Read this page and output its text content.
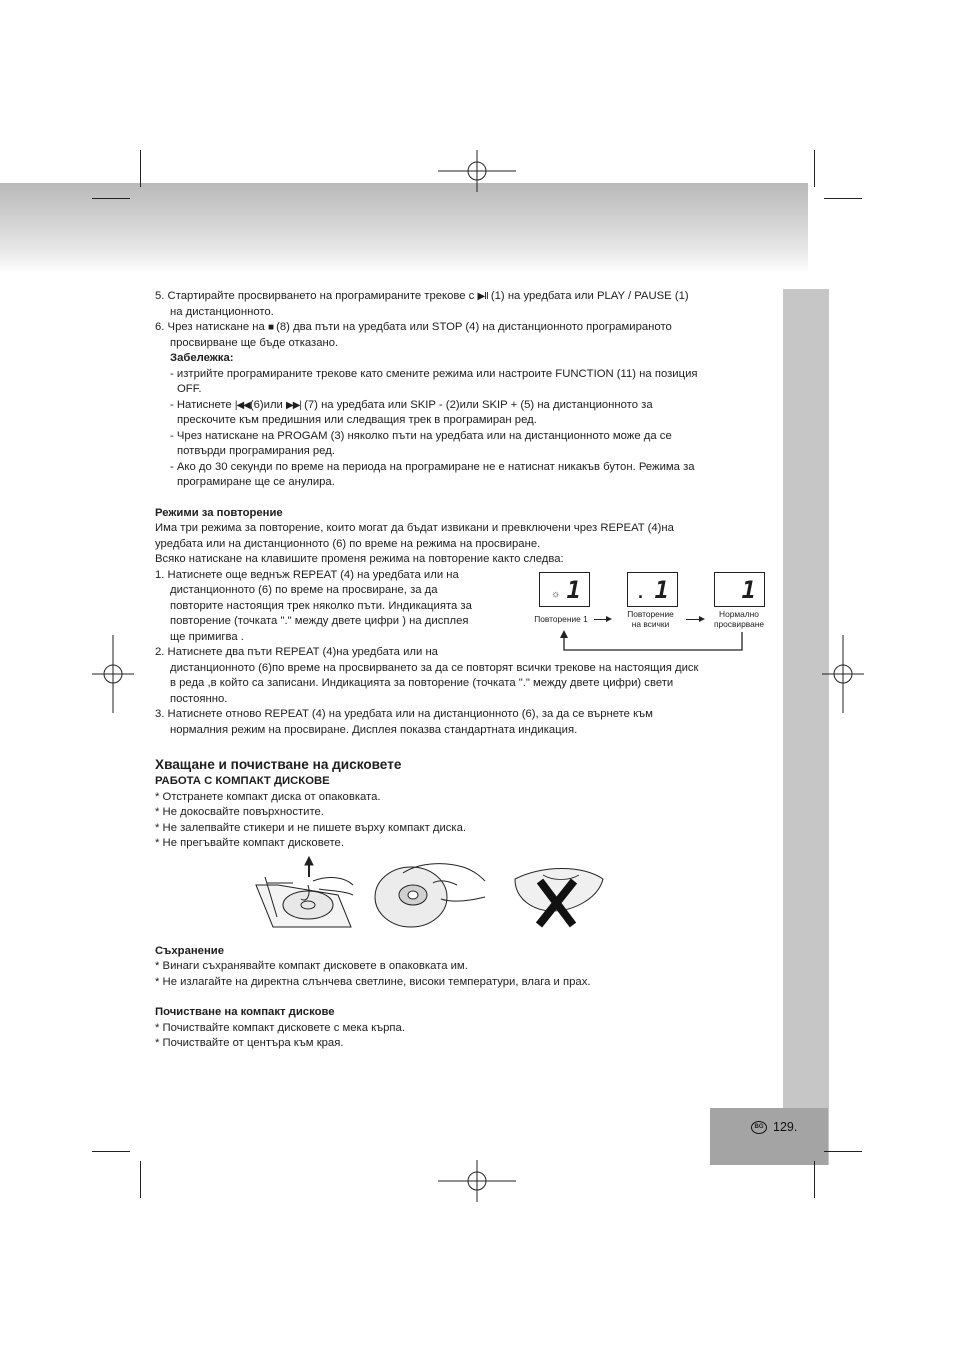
BG 129.

5. Стартирайте просвирването на програмираните трекове с ▶II (1) на уредбата или PLAY / PAUSE (1)

на дистанционното.

6. Чрез натискане на ■ (8) два пъти на уредбата или STOP (4) на дистанционното програмираното

просвирване ще бъде отказано.

Забележка:

- изтрийте програмираните трекове като смените режима или настроите FUNCTION (11) на позиция

OFF.

- Натиснете |◀◀(6)или ▶▶| (7) на уредбата или SKIP - (2)или SKIP + (5) на дистанционното за

прескочите към предишния или следващия трек в програмиран ред.

- Чрез натискане на PROGAM (3) няколко пъти на уредбата или на дистанционното може да се

потвърди програмирания ред.

- Ако до 30 секунди по време на периода на програмиране не е натиснат никакъв бутон. Режима за

програмиране ще се анулира.

Режими за повторение

Има три режима за повторение, които могат да бъдат извикани и превключени чрез REPEAT (4)на

уредбата или на дистанционното (6) по време на режима на просвиране.

Всяко натискане на клавишите променя режима на повторение както следва:

1. Натиснете още веднъж REPEAT (4) на уредбата или на

дистанционното (6) по време на просвиране, за да

повторите настоящия трек няколко пъти. Индикацията за

повторение (точката "." между двете цифри ) на дисплея

ще примигва .

2. Натиснете два пъти REPEAT (4)на уредбата или на

дистанционното (6)по време на просвирването за да се повторят всички трекове на настоящия диск

в реда ,в който са записани. Индикацията за повторение (точката "." между двете цифри) свети

постоянно.

3. Натиснете отново REPEAT (4) на уредбата или на дистанционното (6), за да се върнете към

нормалния режим на просвиране. Дисплея показва стандартната индикация.

Хващане и почистване на дисковете

РАБОТА С КОМПАКТ ДИСКОВЕ

* Отстранете компакт диска от опаковката.

* Не докосвайте повърхностите.

* Не залепвайте стикери и не пишете върху компакт диска.

* Не прегъвайте компакт дисковете.

Съхранение

* Винаги съхранявайте компакт дисковете в опаковката им.

* Не излагайте на директна слънчева светлине, високи температури, влага и прах.

Почистване на компакт дискове

* Почиствайте компакт дисковете с мека кърпа.

* Почиствайте от центъра към края.

☼ 1	. 1	1
Повторение 1	Повторение
на всички
Нормално
просвирване
